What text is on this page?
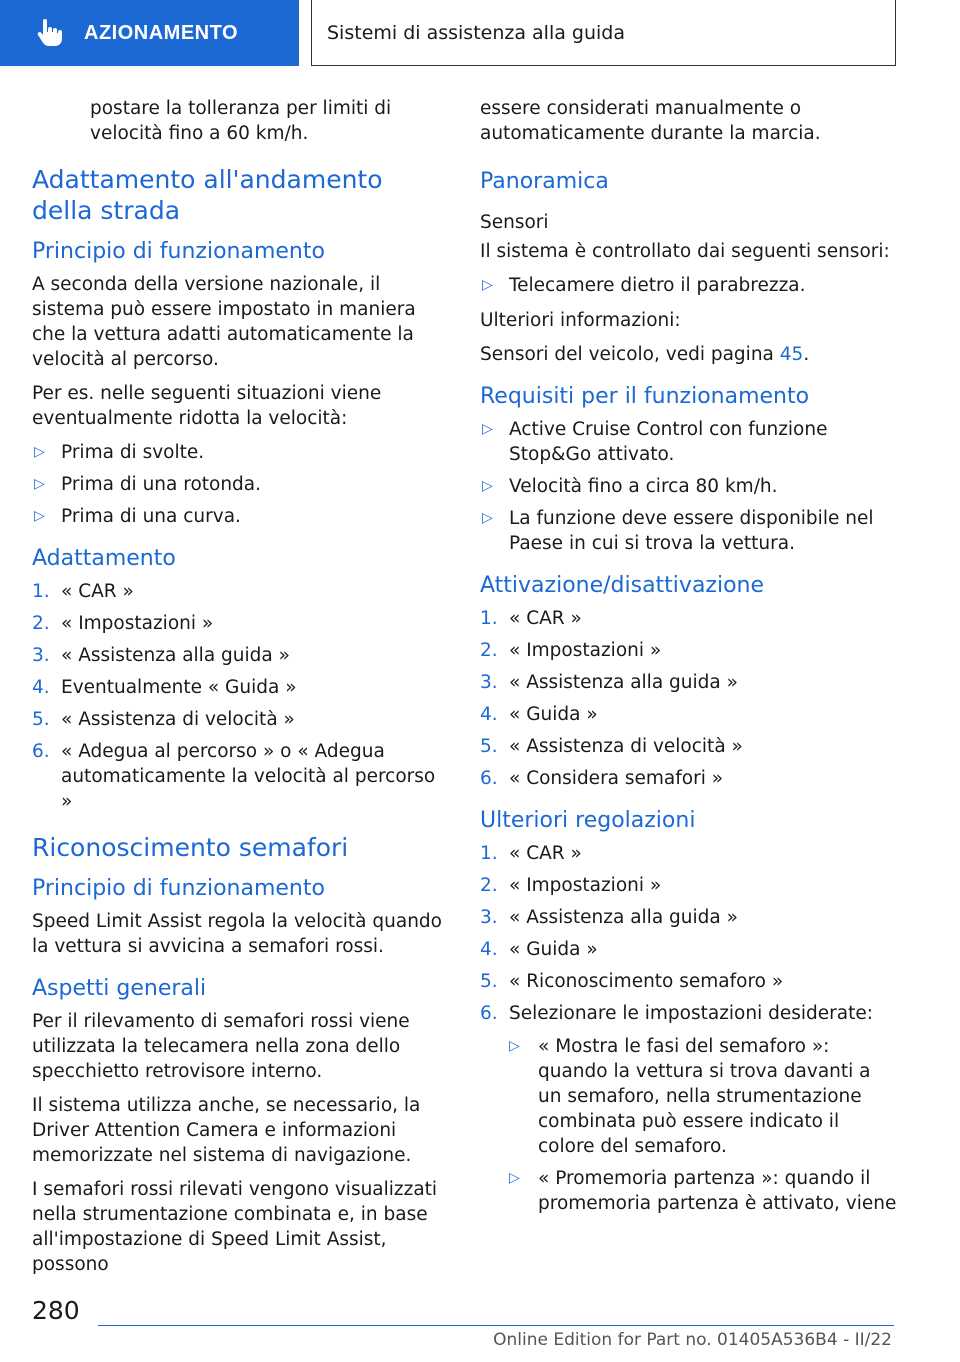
AZIONAMENTO	Sistemi di assistenza alla guida

postare la tolleranza per limiti di velocità fino a 60 km/h.

Adattamento all'andamento della strada
Principio di funzionamento

A seconda della versione nazionale, il sistema può essere impostato in maniera che la vettura adatti automaticamente la velocità al percorso.

Per es. nelle seguenti situazioni viene eventualmente ridotta la velocità:

▷ Prima di svolte.
▷ Prima di una rotonda.
▷ Prima di una curva.
Adattamento
1. « CAR »
2. « Impostazioni »
3. « Assistenza alla guida »
4. Eventualmente « Guida »
5. « Assistenza di velocità »
6. « Adegua al percorso » o « Adegua automaticamente la velocità al percorso »
Riconoscimento semafori
Principio di funzionamento

Speed Limit Assist regola la velocità quando la vettura si avvicina a semafori rossi.

Aspetti generali

Per il rilevamento di semafori rossi viene utilizzata la telecamera nella zona dello specchietto retrovisore interno.

Il sistema utilizza anche, se necessario, la Driver Attention Camera e informazioni memorizzate nel sistema di navigazione.

I semafori rossi rilevati vengono visualizzati nella strumentazione combinata e, in base all'impostazione di Speed Limit Assist, possono

essere considerati manualmente o automaticamente durante la marcia.

Panoramica
Sensori

Il sistema è controllato dai seguenti sensori:

▷ Telecamere dietro il parabrezza.

Ulteriori informazioni:

Sensori del veicolo, vedi pagina 45.

Requisiti per il funzionamento
▷ Active Cruise Control con funzione Stop&Go attivato.
▷ Velocità fino a circa 80 km/h.
▷ La funzione deve essere disponibile nel Paese in cui si trova la vettura.
Attivazione/disattivazione
1. « CAR »
2. « Impostazioni »
3. « Assistenza alla guida »
4. « Guida »
5. « Assistenza di velocità »
6. « Considera semafori »
Ulteriori regolazioni
1. « CAR »
2. « Impostazioni »
3. « Assistenza alla guida »
4. « Guida »
5. « Riconoscimento semaforo »
6. Selezionare le impostazioni desiderate:
▷ « Mostra le fasi del semaforo »: quando la vettura si trova davanti a un semaforo, nella strumentazione combinata può essere indicato il colore del semaforo.
▷ « Promemoria partenza »: quando il promemoria partenza è attivato, viene
280
Online Edition for Part no. 01405A536B4 - II/22
